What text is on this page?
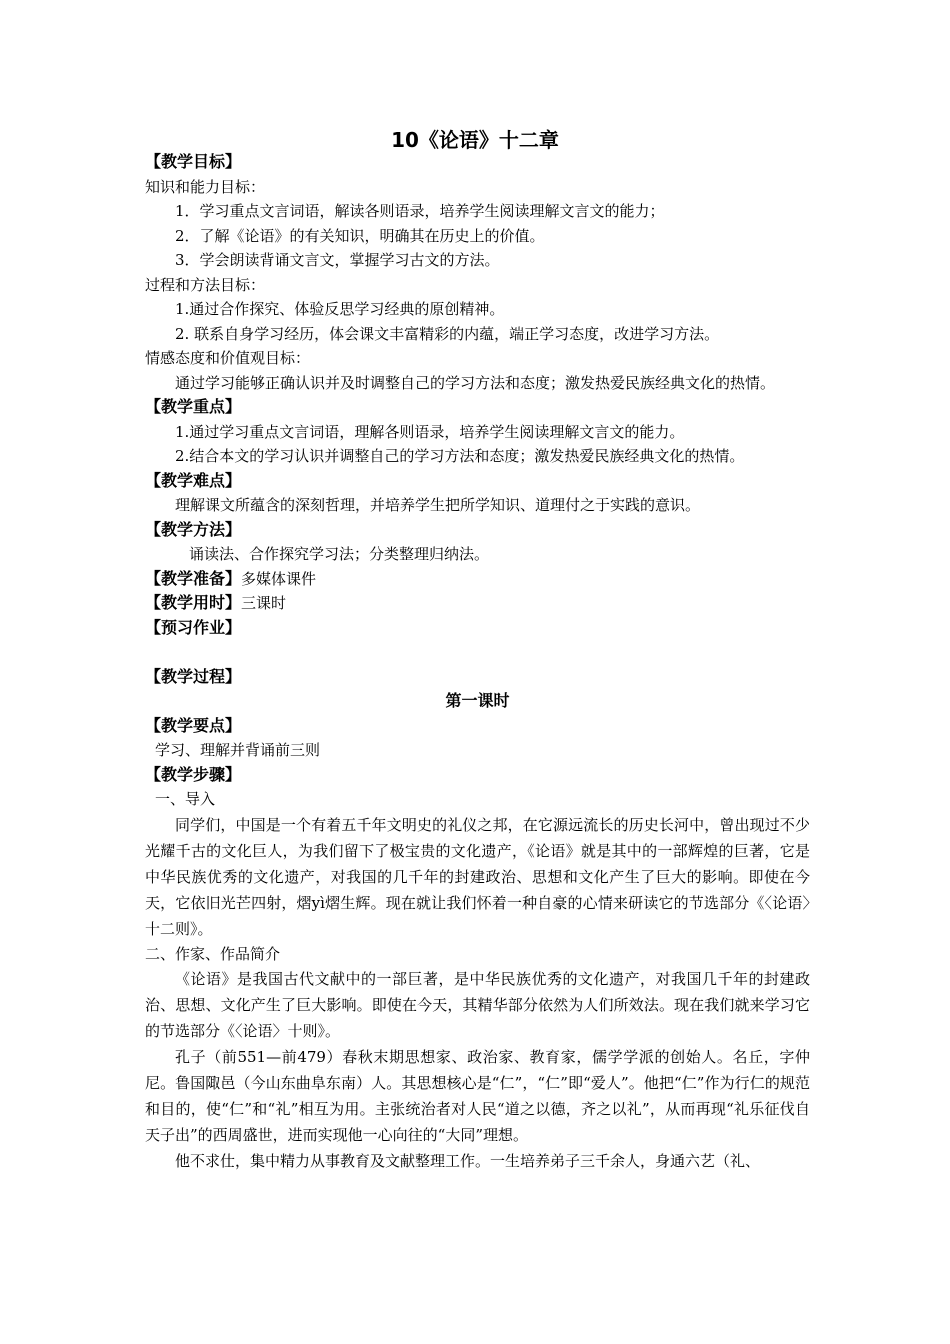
10《论语》十二章
【教学目标】
知识和能力目标：
1．学习重点文言词语，解读各则语录，培养学生阅读理解文言文的能力；
2．了解《论语》的有关知识，明确其在历史上的价值。
3．学会朗读背诵文言文，掌握学习古文的方法。
过程和方法目标：
1.通过合作探究、体验反思学习经典的原创精神。
2. 联系自身学习经历，体会课文丰富精彩的内蕴，端正学习态度，改进学习方法。
情感态度和价值观目标：
通过学习能够正确认识并及时调整自己的学习方法和态度；激发热爱民族经典文化的热情。
【教学重点】
1.通过学习重点文言词语，理解各则语录，培养学生阅读理解文言文的能力。
2.结合本文的学习认识并调整自己的学习方法和态度；激发热爱民族经典文化的热情。
【教学难点】
理解课文所蕴含的深刻哲理，并培养学生把所学知识、道理付之于实践的意识。
【教学方法】
诵读法、合作探究学习法；分类整理归纳法。
【教学准备】多媒体课件
【教学用时】三课时
【预习作业】
【教学过程】
第一课时
【教学要点】
学习、理解并背诵前三则
【教学步骤】
一、导入
同学们，中国是一个有着五千年文明史的礼仪之邦，在它源远流长的历史长河中，曾出现过不少光耀千古的文化巨人，为我们留下了极宝贵的文化遗产，《论语》就是其中的一部辉煌的巨著，它是中华民族优秀的文化遗产，对我国的几千年的封建政治、思想和文化产生了巨大的影响。即使在今天，它依旧光芒四射，熠yì熠生辉。现在就让我们怀着一种自豪的心情来研读它的节选部分《〈论语〉十二则》。
二、作家、作品简介
《论语》是我国古代文献中的一部巨著，是中华民族优秀的文化遗产，对我国几千年的封建政治、思想、文化产生了巨大影响。即使在今天，其精华部分依然为人们所效法。现在我们就来学习它的节选部分《〈论语〉十则》。
孔子（前551—前479）春秋末期思想家、政治家、教育家，儒学学派的创始人。名丘，字仲尼。鲁国陬邑（今山东曲阜东南）人。其思想核心是“仁”，“仁”即“爱人”。他把“仁”作为行仁的规范和目的，使“仁”和“礼”相互为用。主张统治者对人民“道之以德，齐之以礼”，从而再现“礼乐征伐自天子出”的西周盛世，进而实现他一心向往的“大同”理想。
他不求仕，集中精力从事教育及文献整理工作。一生培养弟子三千余人，身通六艺（礼、
